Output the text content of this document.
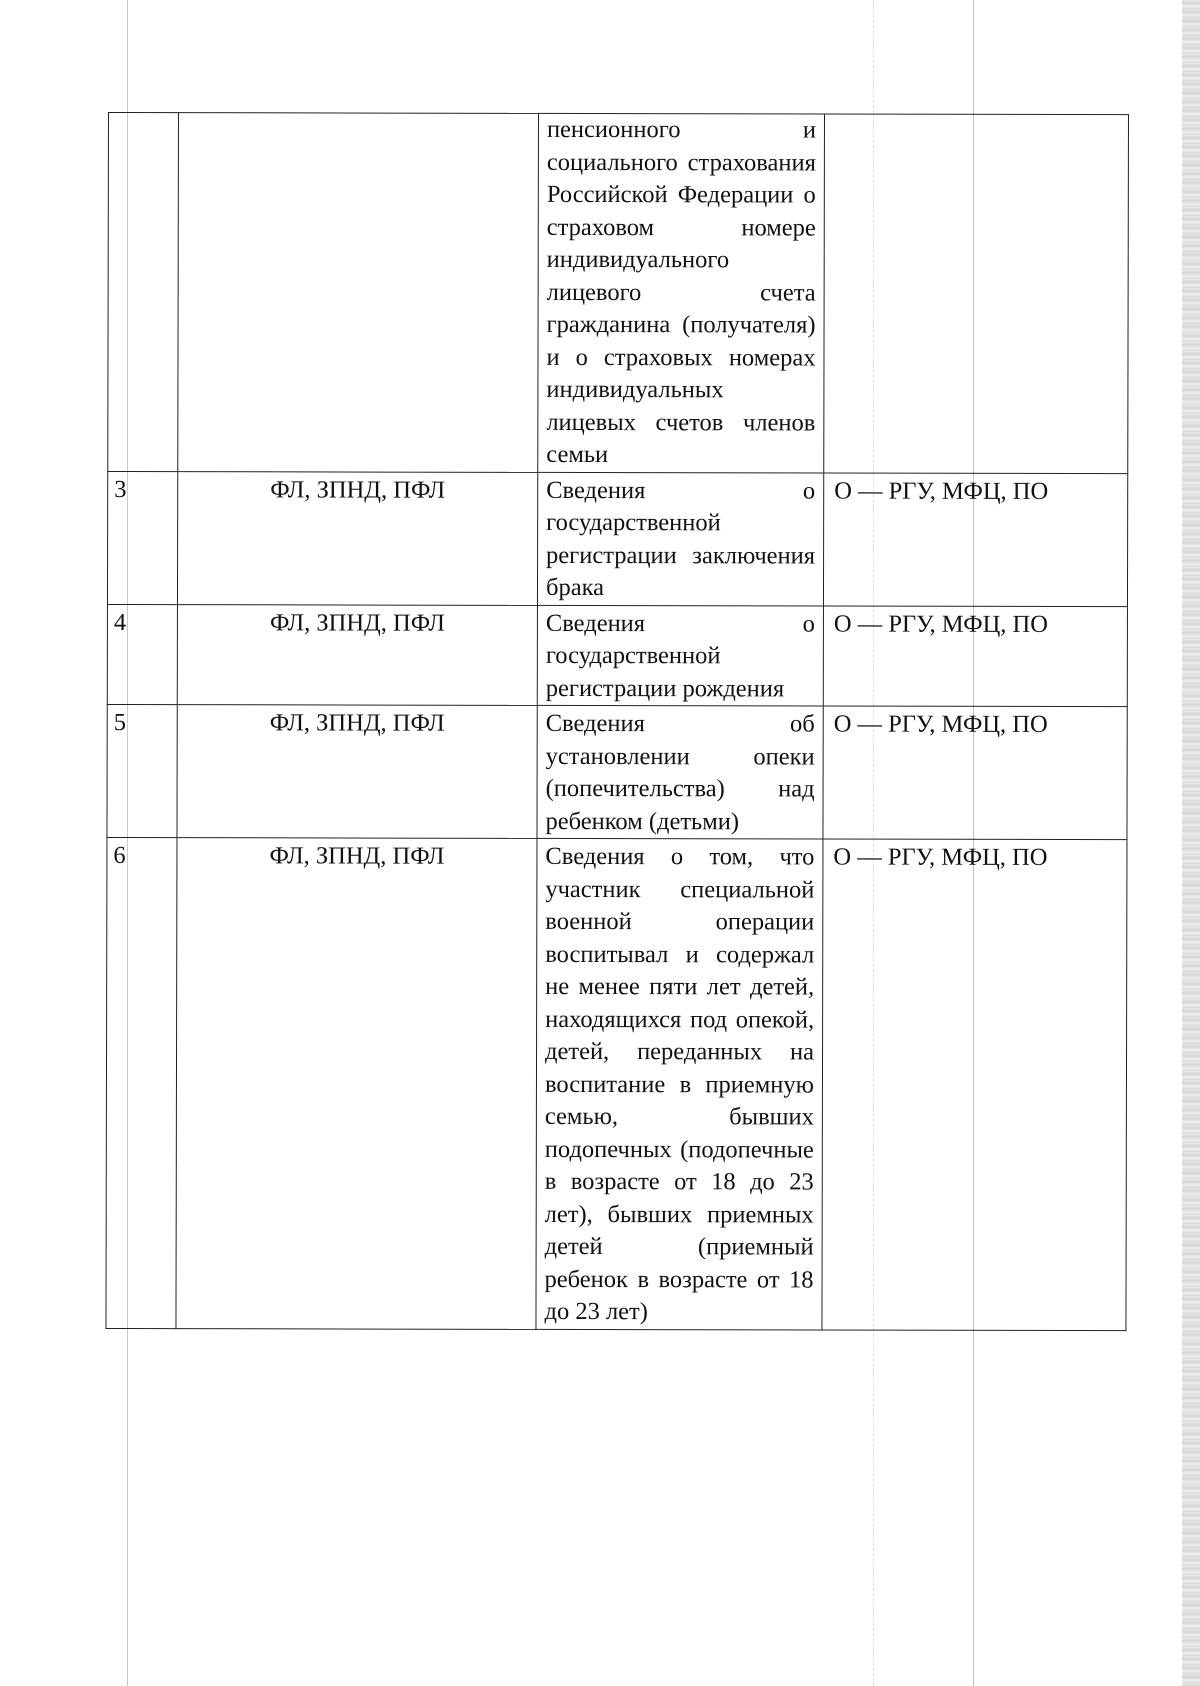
		пенсионного и социального страхования Российской Федерации о страховом номере индивидуального лицевого счета гражданина (получателя) и о страховых номерах индивидуальных лицевых счетов членов семьи	
3	ФЛ, ЗПНД, ПФЛ	Сведения о государственной регистрации заключения брака	О — РГУ, МФЦ, ПО
4	ФЛ, ЗПНД, ПФЛ	Сведения о государственной регистрации рождения	О — РГУ, МФЦ, ПО
5	ФЛ, ЗПНД, ПФЛ	Сведения об установлении опеки (попечительства) над ребенком (детьми)	О — РГУ, МФЦ, ПО
6	ФЛ, ЗПНД, ПФЛ	Сведения о том, что участник специальной военной операции воспитывал и содержал не менее пяти лет детей, находящихся под опекой, детей, переданных на воспитание в приемную семью, бывших подопечных (подопечные в возрасте от 18 до 23 лет), бывших приемных детей (приемный ребенок в возрасте от 18 до 23 лет)	О — РГУ, МФЦ, ПО
